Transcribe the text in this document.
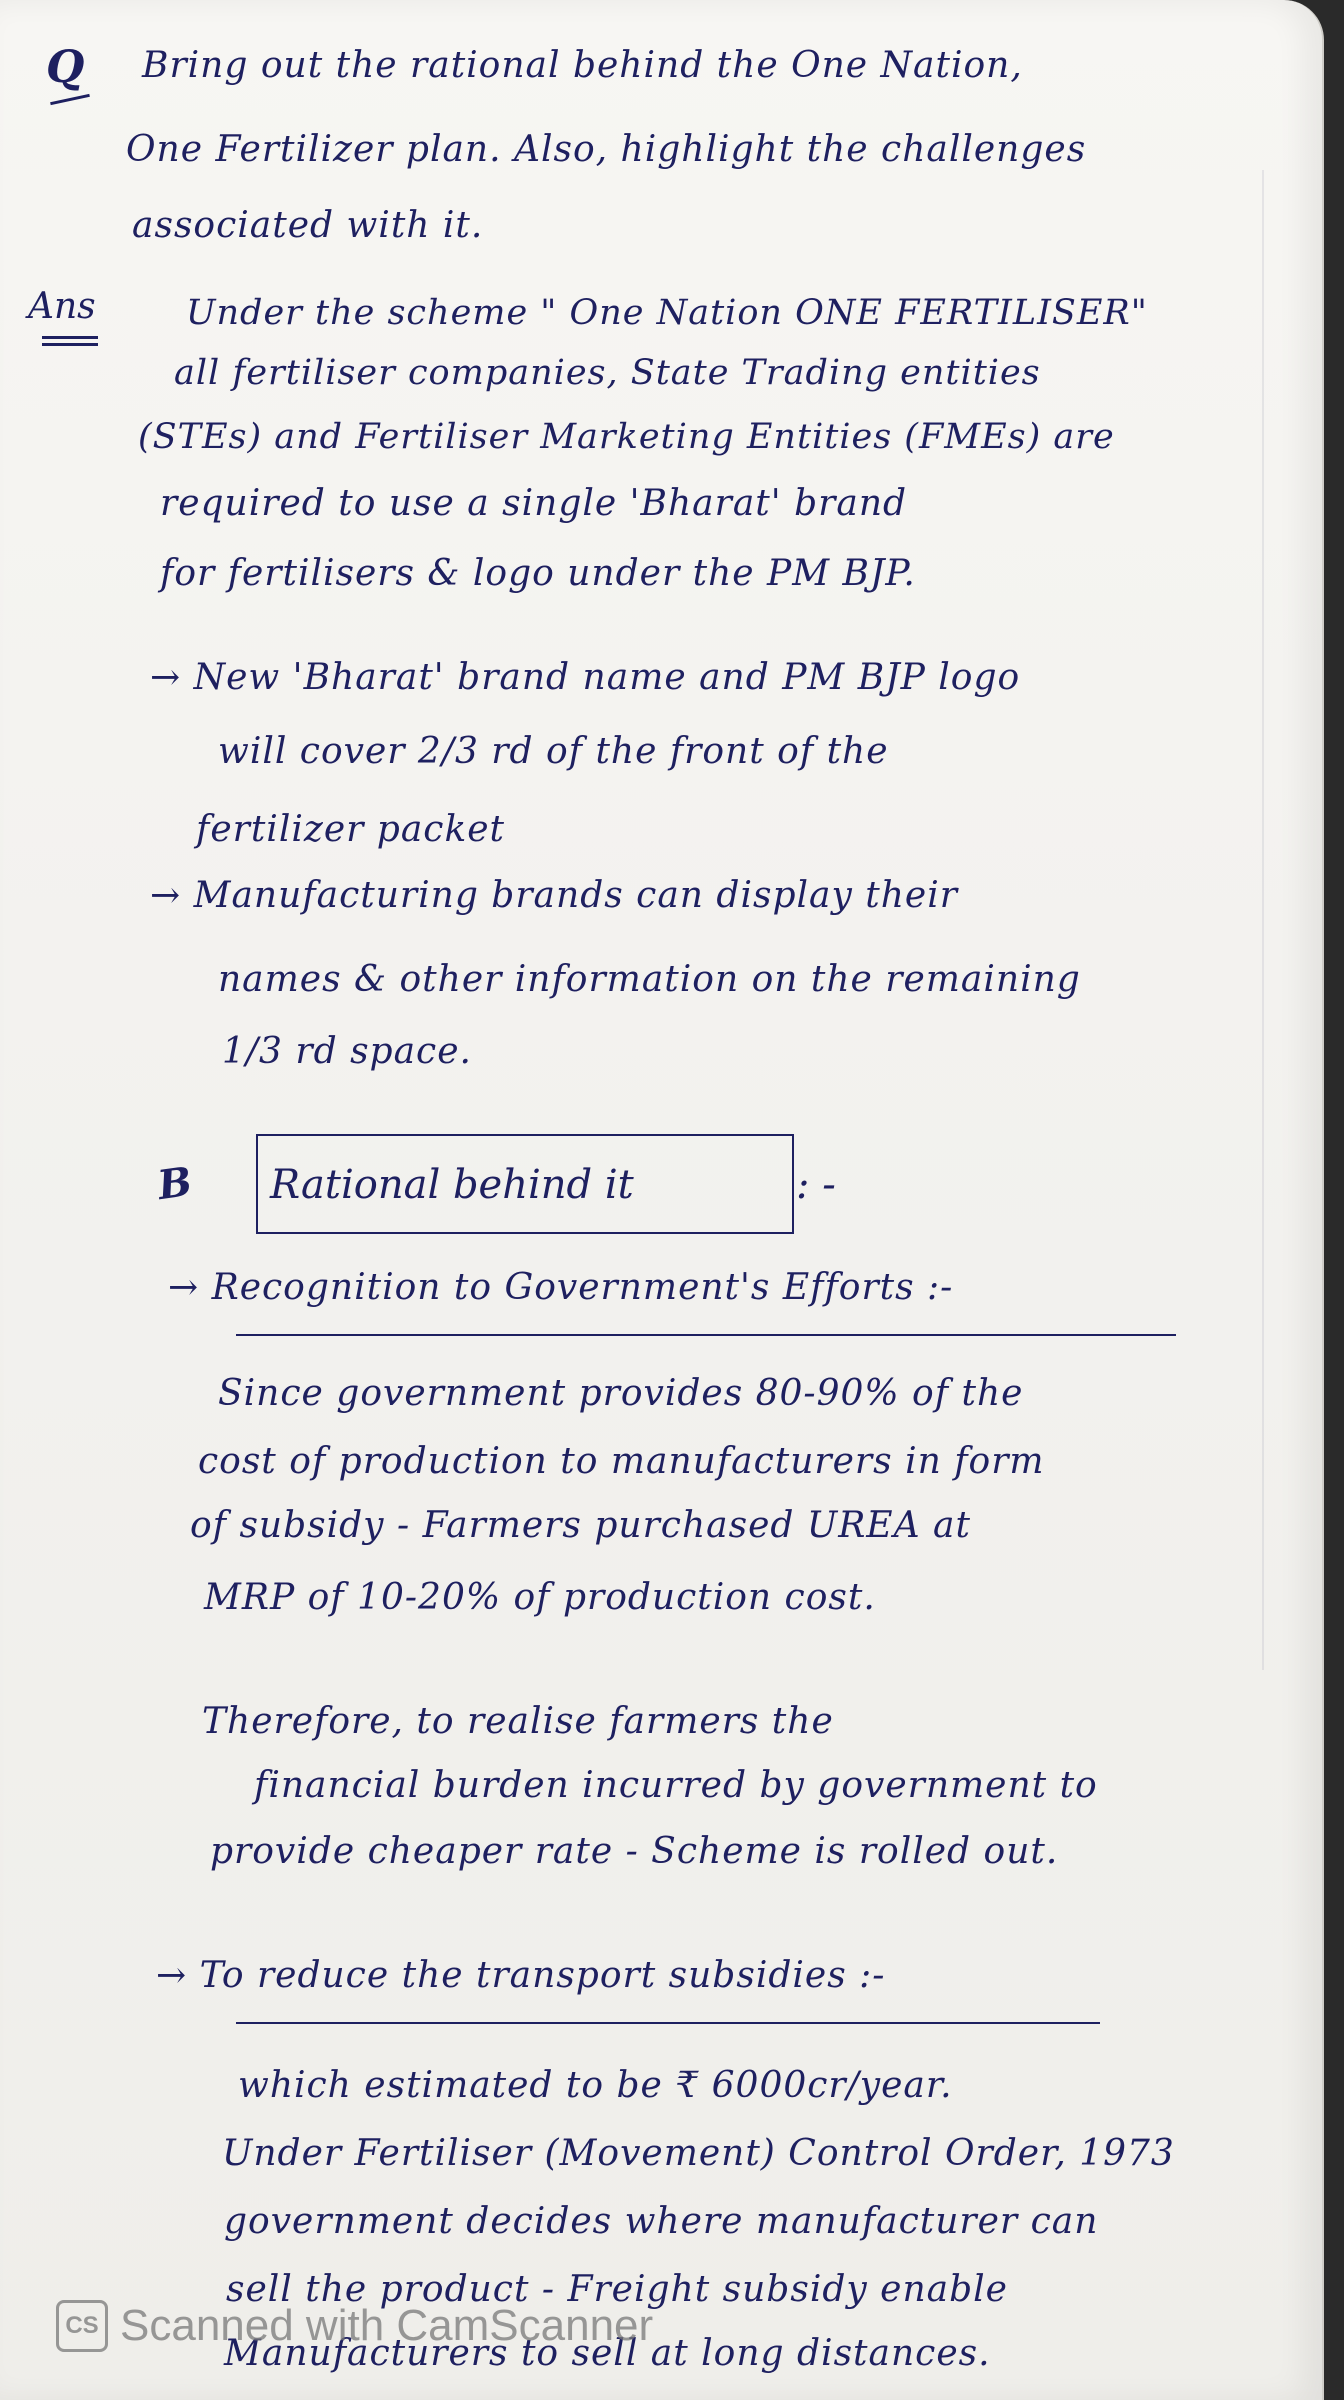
Q Bring out the rational behind the One Nation,
One Fertilizer plan. Also, highlight the challenges
associated with it.
Ans	Under the scheme " One Nation ONE FERTILISER"
all fertiliser companies, State Trading entities
(STEs) and Fertiliser Marketing Entities (FMEs) are
required to use a single 'Bharat' brand
for fertilisers & logo under the PM BJP.
→ New 'Bharat' brand name and PM BJP logo
will cover 2/3 rd of the front of the
fertilizer packet
→ Manufacturing brands can display their
names & other information on the remaining
1/3 rd space.
B Rational behind it	: -
→ Recognition to Government's Efforts :-
Since government provides 80-90% of the
cost of production to manufacturers in form
of subsidy - Farmers purchased UREA at
MRP of 10-20% of production cost.
Therefore, to realise farmers the
financial burden incurred by government to
provide cheaper rate - Scheme is rolled out.
→ To reduce the transport subsidies :-
which estimated to be ₹ 6000cr/year.
Under Fertiliser (Movement) Control Order, 1973
government decides where manufacturer can
sell the product - Freight subsidy enable
Manufacturers to sell at long distances.
CS Scanned with CamScanner
